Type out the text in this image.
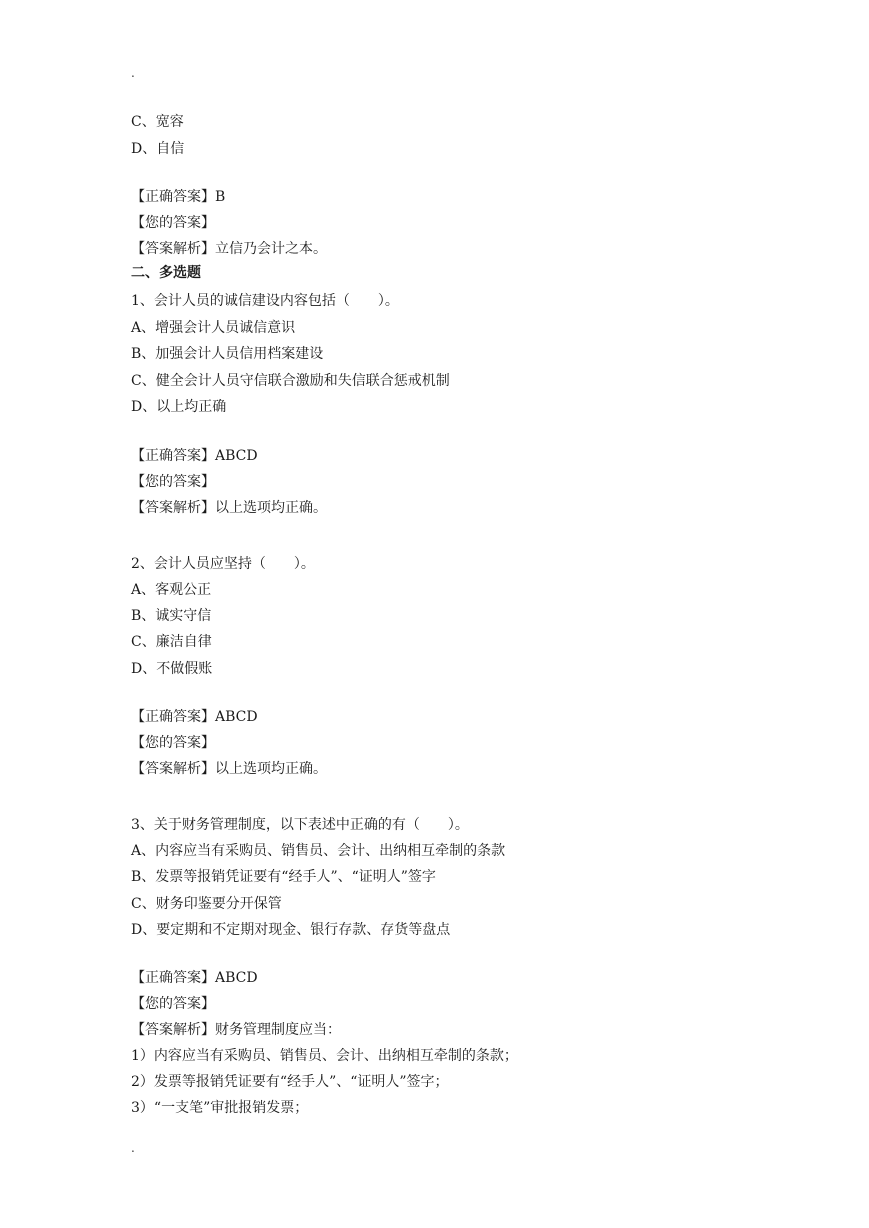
.
C、宽容
D、自信
【正确答案】B
【您的答案】
【答案解析】立信乃会计之本。
二、多选题
1、会计人员的诚信建设内容包括（　　）。
A、增强会计人员诚信意识
B、加强会计人员信用档案建设
C、健全会计人员守信联合激励和失信联合惩戒机制
D、以上均正确
【正确答案】ABCD
【您的答案】
【答案解析】以上选项均正确。
2、会计人员应坚持（　　）。
A、客观公正
B、诚实守信
C、廉洁自律
D、不做假账
【正确答案】ABCD
【您的答案】
【答案解析】以上选项均正确。
3、关于财务管理制度，以下表述中正确的有（　　）。
A、内容应当有采购员、销售员、会计、出纳相互牵制的条款
B、发票等报销凭证要有“经手人”、“证明人”签字
C、财务印鉴要分开保管
D、要定期和不定期对现金、银行存款、存货等盘点
【正确答案】ABCD
【您的答案】
【答案解析】财务管理制度应当：
1）内容应当有采购员、销售员、会计、出纳相互牵制的条款；
2）发票等报销凭证要有“经手人”、“证明人”签字；
3）“一支笔”审批报销发票；
.
